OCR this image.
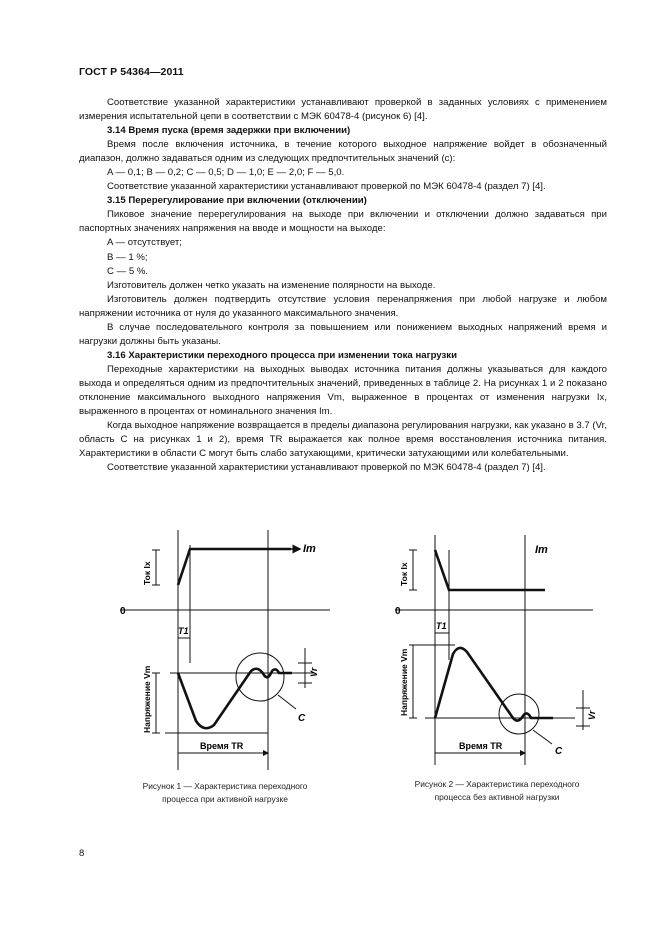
ГОСТ Р 54364—2011

Соответствие указанной характеристики устанавливают проверкой в заданных условиях с применением измерения испытательной цепи в соответствии с МЭК 60478-4 (рисунок 6) [4].

3.14 Время пуска (время задержки при включении)

Время после включения источника, в течение которого выходное напряжение войдет в обозначенный диапазон, должно задаваться одним из следующих предпочтительных значений (с):

A — 0,1; B — 0,2; C — 0,5; D — 1,0; E — 2,0; F — 5,0.

Соответствие указанной характеристики устанавливают проверкой по МЭК 60478-4 (раздел 7) [4].

3.15 Перерегулирование при включении (отключении)

Пиковое значение перерегулирования на выходе при включении и отключении должно задаваться при паспортных значениях напряжения на вводе и мощности на выходе:

A — отсутствует;

B — 1 %;

C — 5 %.

Изготовитель должен четко указать на изменение полярности на выходе.

Изготовитель должен подтвердить отсутствие условия перенапряжения при любой нагрузке и любом напряжении источника от нуля до указанного максимального значения.

В случае последовательного контроля за повышением или понижением выходных напряжений время и нагрузки должны быть указаны.

3.16 Характеристики переходного процесса при изменении тока нагрузки

Переходные характеристики на выходных выводах источника питания должны указываться для каждого выхода и определяться одним из предпочтительных значений, приведенных в таблице 2. На рисунках 1 и 2 показано отклонение максимального выходного напряжения Vm, выраженное в процентах от изменения нагрузки Ix, выраженного в процентах от номинального значения Im.

Когда выходное напряжение возвращается в пределы диапазона регулирования нагрузки, как указано в 3.7 (Vr, область C на рисунках 1 и 2), время TR выражается как полное время восстановления источника питания. Характеристики в области C могут быть слабо затухающими, критически затухающими или колебательными.

Соответствие указанной характеристики устанавливают проверкой по МЭК 60478-4 (раздел 7) [4].

Im
0
T1
Ток Ix
Напряжение Vm	Vr
C
Время TR
Рисунок 1 — Характеристика переходного
процесса при активной нагрузке
Im
0
T1
Ток Ix
Напряжение Vm	Vr
C
Время TR
Рисунок 2 — Характеристика переходного
процесса без активной нагрузки
8
